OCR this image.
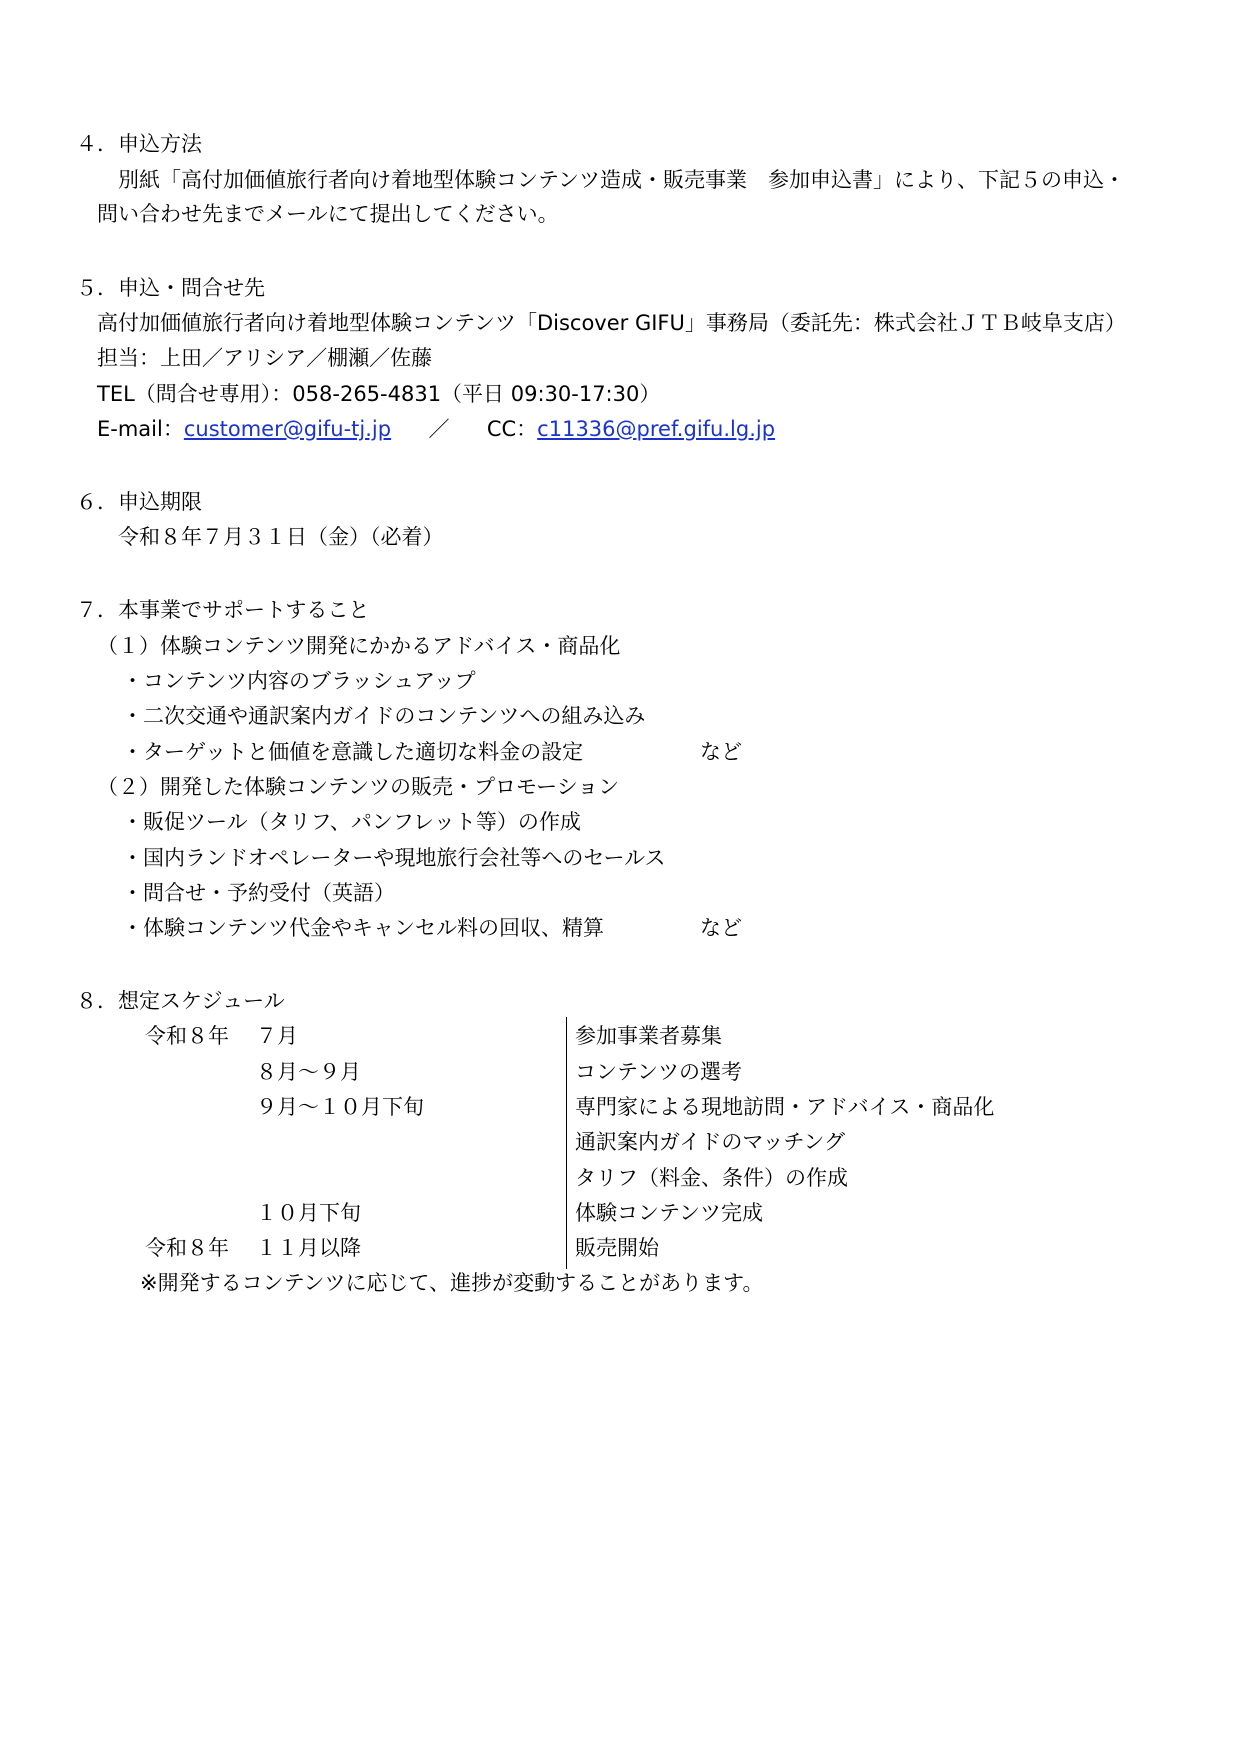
４．申込方法
別紙「高付加価値旅行者向け着地型体験コンテンツ造成・販売事業　参加申込書」により、下記５の申込・
問い合わせ先までメールにて提出してください。
５．申込・問合せ先
高付加価値旅行者向け着地型体験コンテンツ「Discover GIFU」事務局（委託先：株式会社ＪＴＢ岐阜支店）
担当：上田／アリシア／棚瀬／佐藤
TEL（問合せ専用）：058-265-4831（平日 09:30-17:30）
E-mail：customer@gifu-tj.jp ／ CC：c11336@pref.gifu.lg.jp
６．申込期限
令和８年７月３１日（金）（必着）
７．本事業でサポートすること
（１）体験コンテンツ開発にかかるアドバイス・商品化
・コンテンツ内容のブラッシュアップ
・二次交通や通訳案内ガイドのコンテンツへの組み込み
・ターゲットと価値を意識した適切な料金の設定	など
（２）開発した体験コンテンツの販売・プロモーション
・販促ツール（タリフ、パンフレット等）の作成
・国内ランドオペレーターや現地旅行会社等へのセールス
・問合せ・予約受付（英語）
・体験コンテンツ代金やキャンセル料の回収、精算	など
８．想定スケジュール
令和８年 ７月	参加事業者募集
８月～９月	コンテンツの選考
９月～１０月下旬	専門家による現地訪問・アドバイス・商品化
通訳案内ガイドのマッチング
タリフ（料金、条件）の作成
１０月下旬	体験コンテンツ完成
令和８年 １１月以降	販売開始
※開発するコンテンツに応じて、進捗が変動することがあります。
